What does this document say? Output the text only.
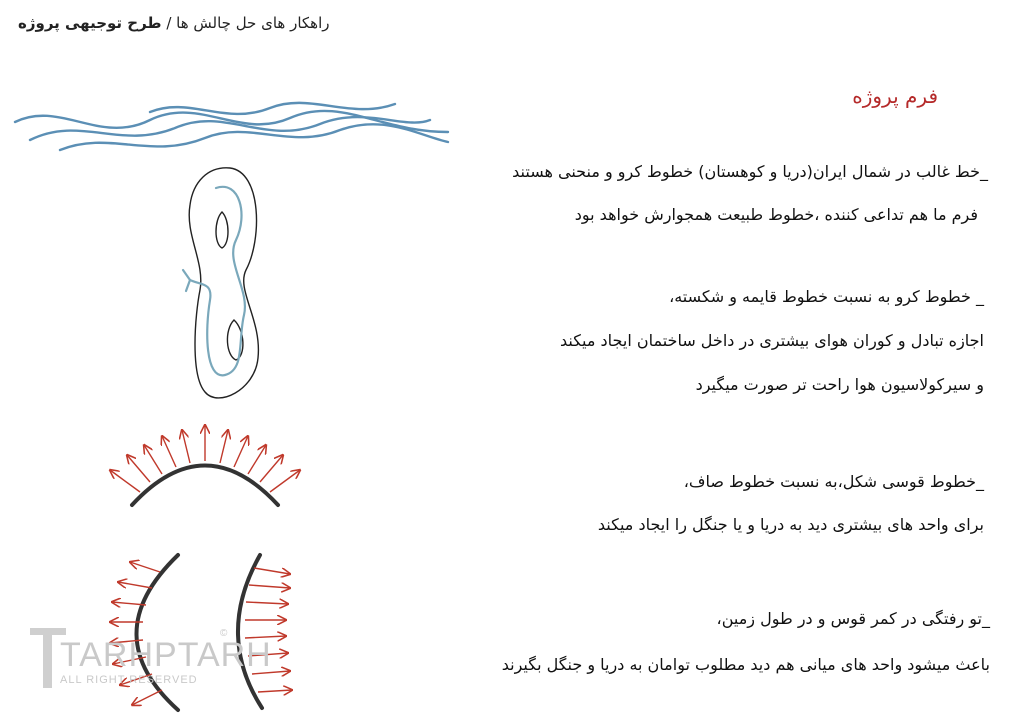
راهکار های حل چالش ها / طرح توجیهی پروژه
فرم پروژه
_خط غالب در شمال ایران(دریا و کوهستان) خطوط کرو و منحنی هستند
فرم ما هم تداعی کننده ،خطوط طبیعت همجوارش خواهد بود
_ خطوط کرو به نسبت خطوط قایمه و شکسته،
اجازه تبادل و کوران هوای بیشتری در داخل ساختمان ایجاد میکند
و سیرکولاسیون هوا راحت تر صورت میگیرد
_خطوط قوسی شکل،به نسبت خطوط صاف،
برای واحد های بیشتری دید به دریا و یا جنگل را ایجاد میکند
_تو رفتگی در کمر قوس و در طول زمین،
باعث میشود واحد های میانی هم دید مطلوب توامان به دریا و جنگل بگیرند
TARHPTARH
ALL RIGHT RESERVED
©
